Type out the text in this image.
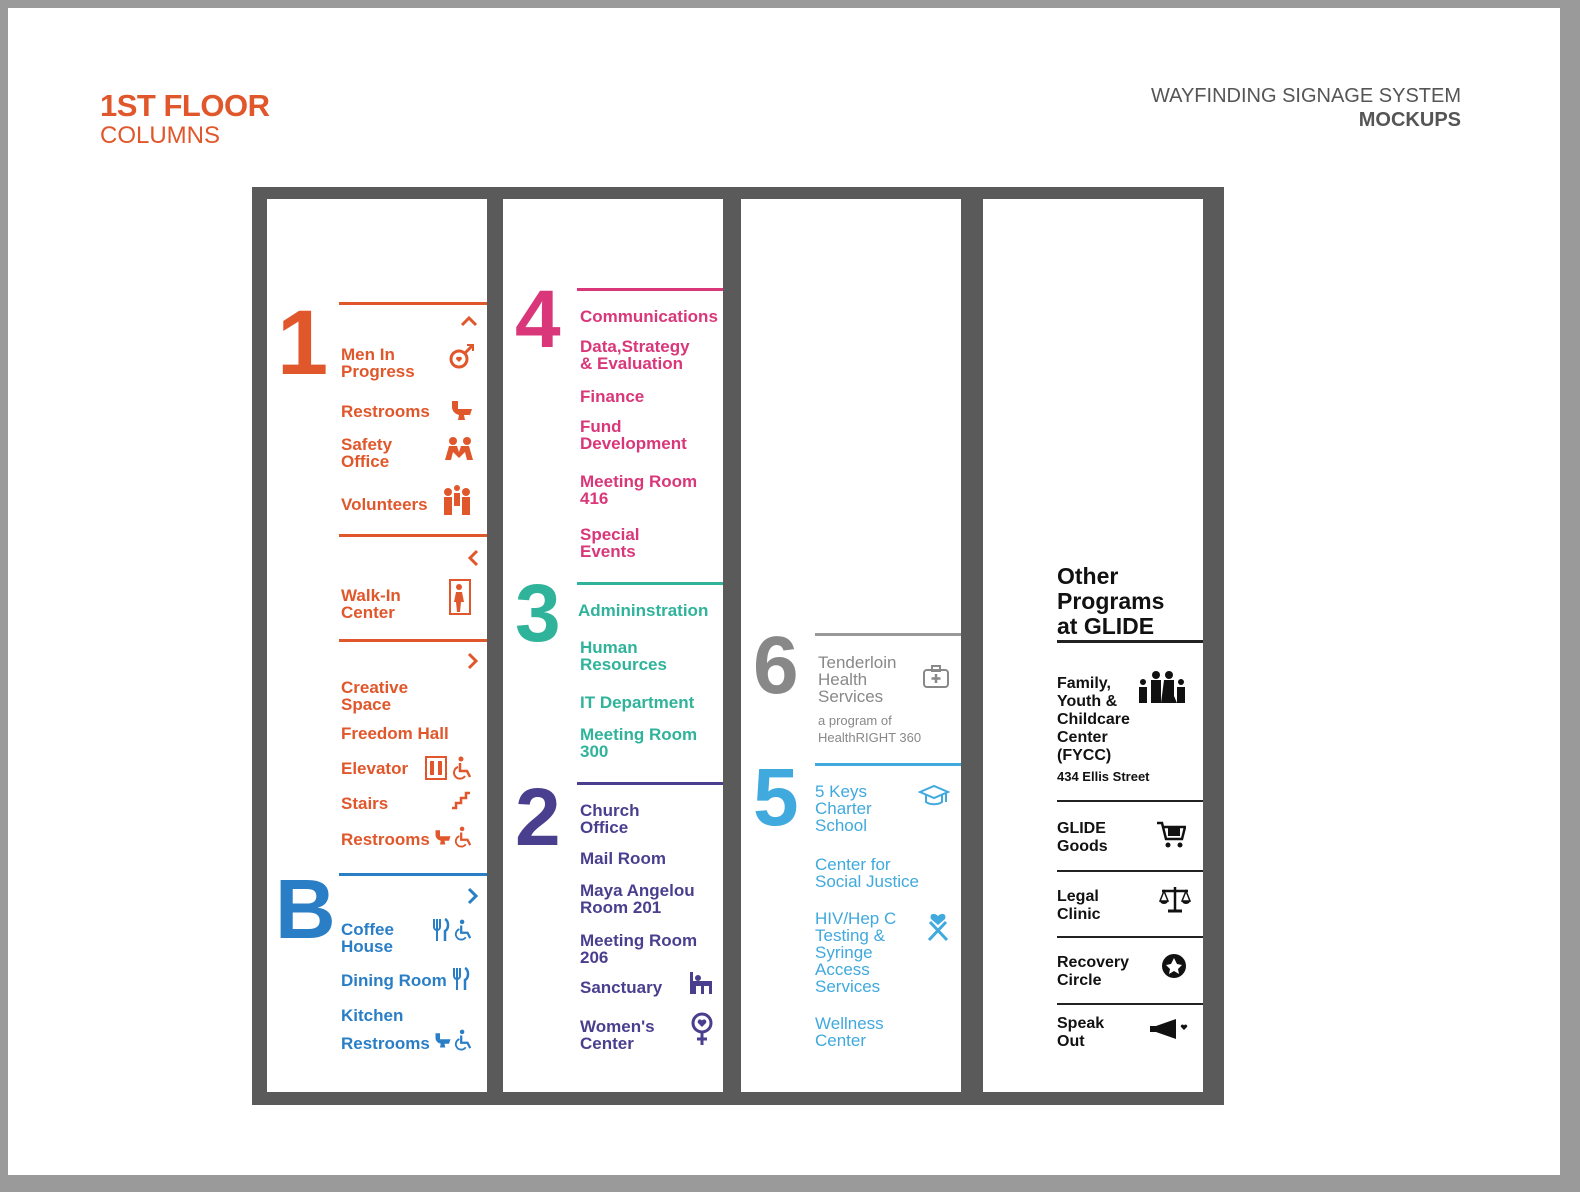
1ST FLOOR
COLUMNS
WAYFINDING SIGNAGE SYSTEM
MOCKUPS
1 Men In
Progress
Restrooms
Safety
Office
Volunteers
Walk-In
Center
Creative
Space
Freedom Hall
Elevator
Stairs
Restrooms
B Coffee
House
Dining Room
Kitchen
Restrooms
4 Communications
Data,Strategy
& Evaluation
Finance
Fund
Development
Meeting Room
416
Special
Events
3 Admininstration
Human
Resources
IT Department
Meeting Room
300
2 Church
Office
Mail Room
Maya Angelou
Room 201
Meeting Room
206
Sanctuary
Women's
Center
6 Tenderloin
Health
Services
a program of
HealthRIGHT 360
5 5 Keys
Charter
School
Center for
Social Justice
HIV/Hep C
Testing &
Syringe
Access
Services
Wellness
Center
Other
Programs
at GLIDE
Family,
Youth &
Childcare
Center
(FYCC)
434 Ellis Street
GLIDE
Goods
Legal
Clinic
Recovery
Circle
Speak
Out
